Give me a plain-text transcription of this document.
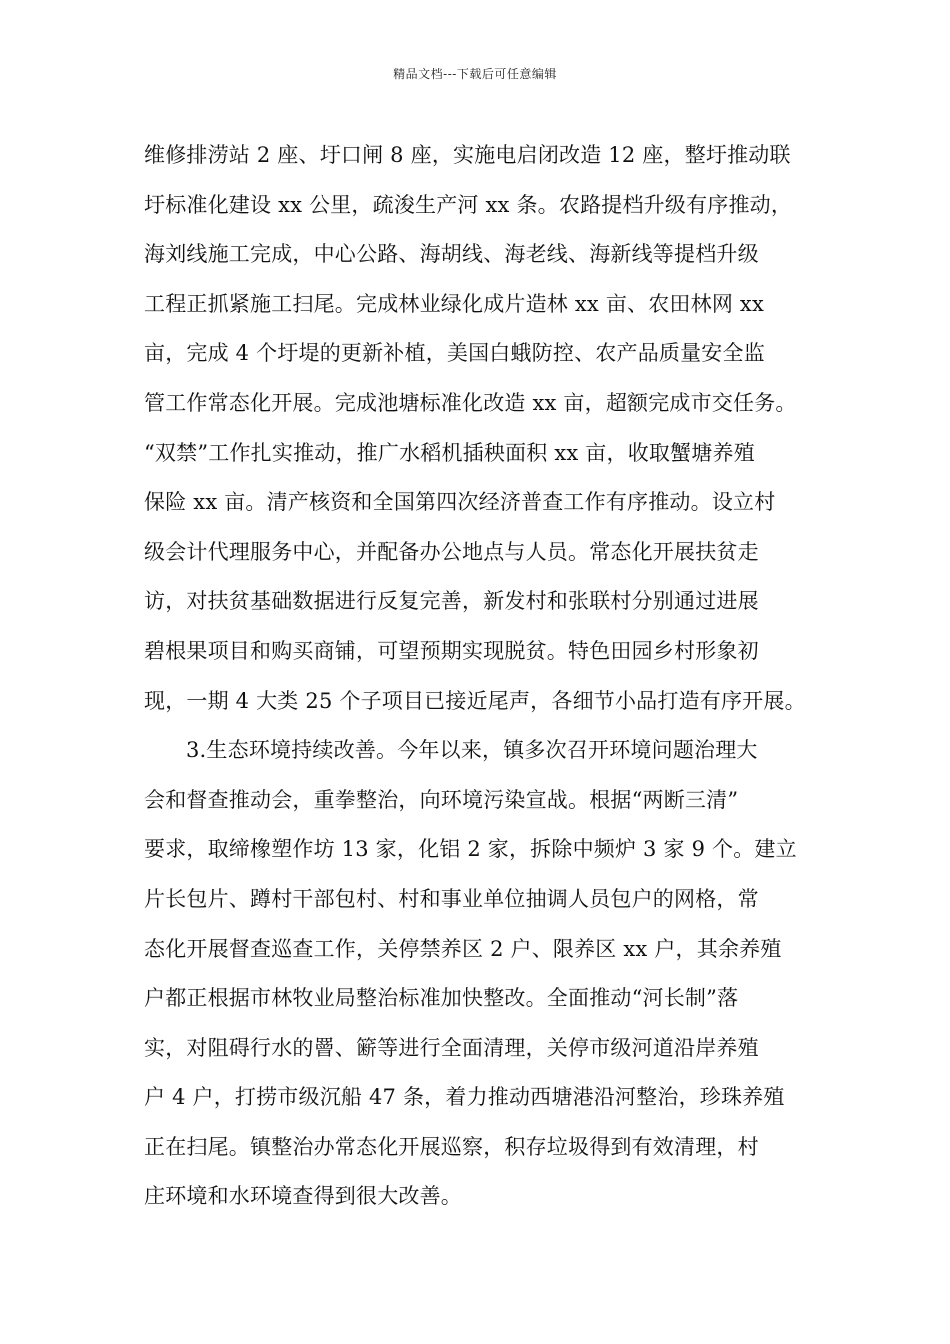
精品文档---下载后可任意编辑
维修排涝站 2 座、圩口闸 8 座，实施电启闭改造 12 座，整圩推动联
圩标准化建设 xx 公里，疏浚生产河 xx 条。农路提档升级有序推动，
海刘线施工完成，中心公路、海胡线、海老线、海新线等提档升级
工程正抓紧施工扫尾。完成林业绿化成片造林 xx 亩、农田林网 xx
亩，完成 4 个圩堤的更新补植，美国白蛾防控、农产品质量安全监
管工作常态化开展。完成池塘标准化改造 xx 亩，超额完成市交任务。
“双禁”工作扎实推动，推广水稻机插秧面积 xx 亩，收取蟹塘养殖
保险 xx 亩。清产核资和全国第四次经济普查工作有序推动。设立村
级会计代理服务中心，并配备办公地点与人员。常态化开展扶贫走
访，对扶贫基础数据进行反复完善，新发村和张联村分别通过进展
碧根果项目和购买商铺，可望预期实现脱贫。特色田园乡村形象初
现，一期 4 大类 25 个子项目已接近尾声，各细节小品打造有序开展。
3.生态环境持续改善。今年以来，镇多次召开环境问题治理大
会和督查推动会，重拳整治，向环境污染宣战。根据“两断三清”
要求，取缔橡塑作坊 13 家，化铝 2 家，拆除中频炉 3 家 9 个。建立
片长包片、蹲村干部包村、村和事业单位抽调人员包户的网格，常
态化开展督查巡查工作，关停禁养区 2 户、限养区 xx 户，其余养殖
户都正根据市林牧业局整治标准加快整改。全面推动“河长制”落
实，对阻碍行水的罾、簖等进行全面清理，关停市级河道沿岸养殖
户 4 户，打捞市级沉船 47 条，着力推动西塘港沿河整治，珍珠养殖
正在扫尾。镇整治办常态化开展巡察，积存垃圾得到有效清理，村
庄环境和水环境查得到很大改善。
